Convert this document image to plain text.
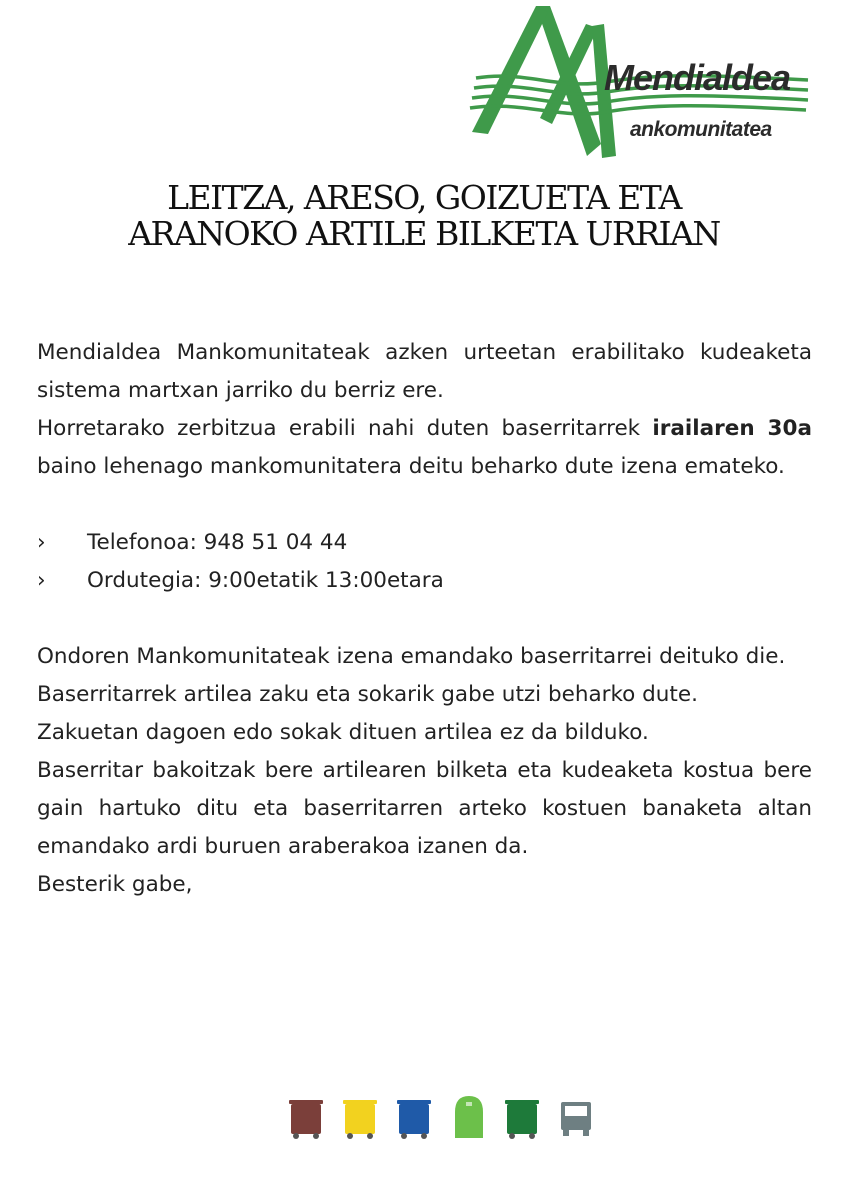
Mendialdea
ankomunitatea
LEITZA, ARESO, GOIZUETA ETA
ARANOKO ARTILE BILKETA URRIAN

Mendialdea Mankomunitateak azken urteetan erabilitako kudeaketa sistema martxan jarriko du berriz ere.

Horretarako zerbitzua erabili nahi duten baserritarrek irailaren 30a baino lehenago mankomunitatera deitu beharko dute izena emateko.

›	Telefonoa: 948 51 04 44
›	Ordutegia: 9:00etatik 13:00etara

Ondoren Mankomunitateak izena emandako baserritarrei deituko die.

Baserritarrek artilea zaku eta sokarik gabe utzi beharko dute.

Zakuetan dagoen edo sokak dituen artilea ez da bilduko.

Baserritar bakoitzak bere artilearen bilketa eta kudeaketa kostua bere gain hartuko ditu eta baserritarren arteko kostuen banaketa altan emandako ardi buruen araberakoa izanen da.

Besterik gabe,
